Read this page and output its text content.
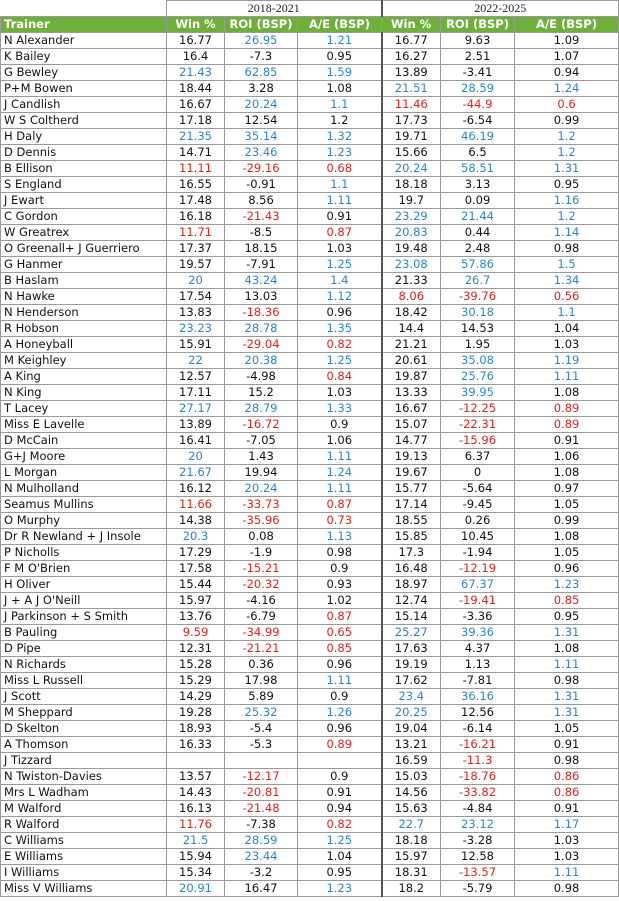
	2018-2021			2022-2025		
Trainer	Win %	ROI (BSP)	A/E (BSP)	Win %	ROI (BSP)	A/E (BSP)
N Alexander	16.77	26.95	1.21	16.77	9.63	1.09
K Bailey	16.4	-7.3	0.95	16.27	2.51	1.07
G Bewley	21.43	62.85	1.59	13.89	-3.41	0.94
P+M Bowen	18.44	3.28	1.08	21.51	28.59	1.24
J Candlish	16.67	20.24	1.1	11.46	-44.9	0.6
W S Coltherd	17.18	12.54	1.2	17.73	-6.54	0.99
H Daly	21.35	35.14	1.32	19.71	46.19	1.2
D Dennis	14.71	23.46	1.23	15.66	6.5	1.2
B Ellison	11.11	-29.16	0.68	20.24	58.51	1.31
S England	16.55	-0.91	1.1	18.18	3.13	0.95
J Ewart	17.48	8.56	1.11	19.7	0.09	1.16
C Gordon	16.18	-21.43	0.91	23.29	21.44	1.2
W Greatrex	11.71	-8.5	0.87	20.83	0.44	1.14
O Greenall+ J Guerriero	17.37	18.15	1.03	19.48	2.48	0.98
G Hanmer	19.57	-7.91	1.25	23.08	57.86	1.5
B Haslam	20	43.24	1.4	21.33	26.7	1.34
N Hawke	17.54	13.03	1.12	8.06	-39.76	0.56
N Henderson	13.83	-18.36	0.96	18.42	30.18	1.1
R Hobson	23.23	28.78	1.35	14.4	14.53	1.04
A Honeyball	15.91	-29.04	0.82	21.21	1.95	1.03
M Keighley	22	20.38	1.25	20.61	35.08	1.19
A King	12.57	-4.98	0.84	19.87	25.76	1.11
N King	17.11	15.2	1.03	13.33	39.95	1.08
T Lacey	27.17	28.79	1.33	16.67	-12.25	0.89
Miss E Lavelle	13.89	-16.72	0.9	15.07	-22.31	0.89
D McCain	16.41	-7.05	1.06	14.77	-15.96	0.91
G+J Moore	20	1.43	1.11	19.13	6.37	1.06
L Morgan	21.67	19.94	1.24	19.67	0	1.08
N Mulholland	16.12	20.24	1.11	15.77	-5.64	0.97
Seamus Mullins	11.66	-33.73	0.87	17.14	-9.45	1.05
O Murphy	14.38	-35.96	0.73	18.55	0.26	0.99
Dr R Newland + J Insole	20.3	0.08	1.13	15.85	10.45	1.08
P Nicholls	17.29	-1.9	0.98	17.3	-1.94	1.05
F M O'Brien	17.58	-15.21	0.9	16.48	-12.19	0.96
H Oliver	15.44	-20.32	0.93	18.97	67.37	1.23
J + A J O'Neill	15.97	-4.16	1.02	12.74	-19.41	0.85
J Parkinson + S Smith	13.76	-6.79	0.87	15.14	-3.36	0.95
B Pauling	9.59	-34.99	0.65	25.27	39.36	1.31
D Pipe	12.31	-21.21	0.85	17.63	4.37	1.08
N Richards	15.28	0.36	0.96	19.19	1.13	1.11
Miss L Russell	15.29	17.98	1.11	17.62	-7.81	0.98
J Scott	14.29	5.89	0.9	23.4	36.16	1.31
M Sheppard	19.28	25.32	1.26	20.25	12.56	1.31
D Skelton	18.93	-5.4	0.96	19.04	-6.14	1.05
A Thomson	16.33	-5.3	0.89	13.21	-16.21	0.91
J Tizzard				16.59	-11.3	0.98
N Twiston-Davies	13.57	-12.17	0.9	15.03	-18.76	0.86
Mrs L Wadham	14.43	-20.81	0.91	14.56	-33.82	0.86
M Walford	16.13	-21.48	0.94	15.63	-4.84	0.91
R Walford	11.76	-7.38	0.82	22.7	23.12	1.17
C Williams	21.5	28.59	1.25	18.18	-3.28	1.03
E Williams	15.94	23.44	1.04	15.97	12.58	1.03
I Williams	15.34	-3.2	0.95	18.31	-13.57	1.11
Miss V Williams	20.91	16.47	1.23	18.2	-5.79	0.98
